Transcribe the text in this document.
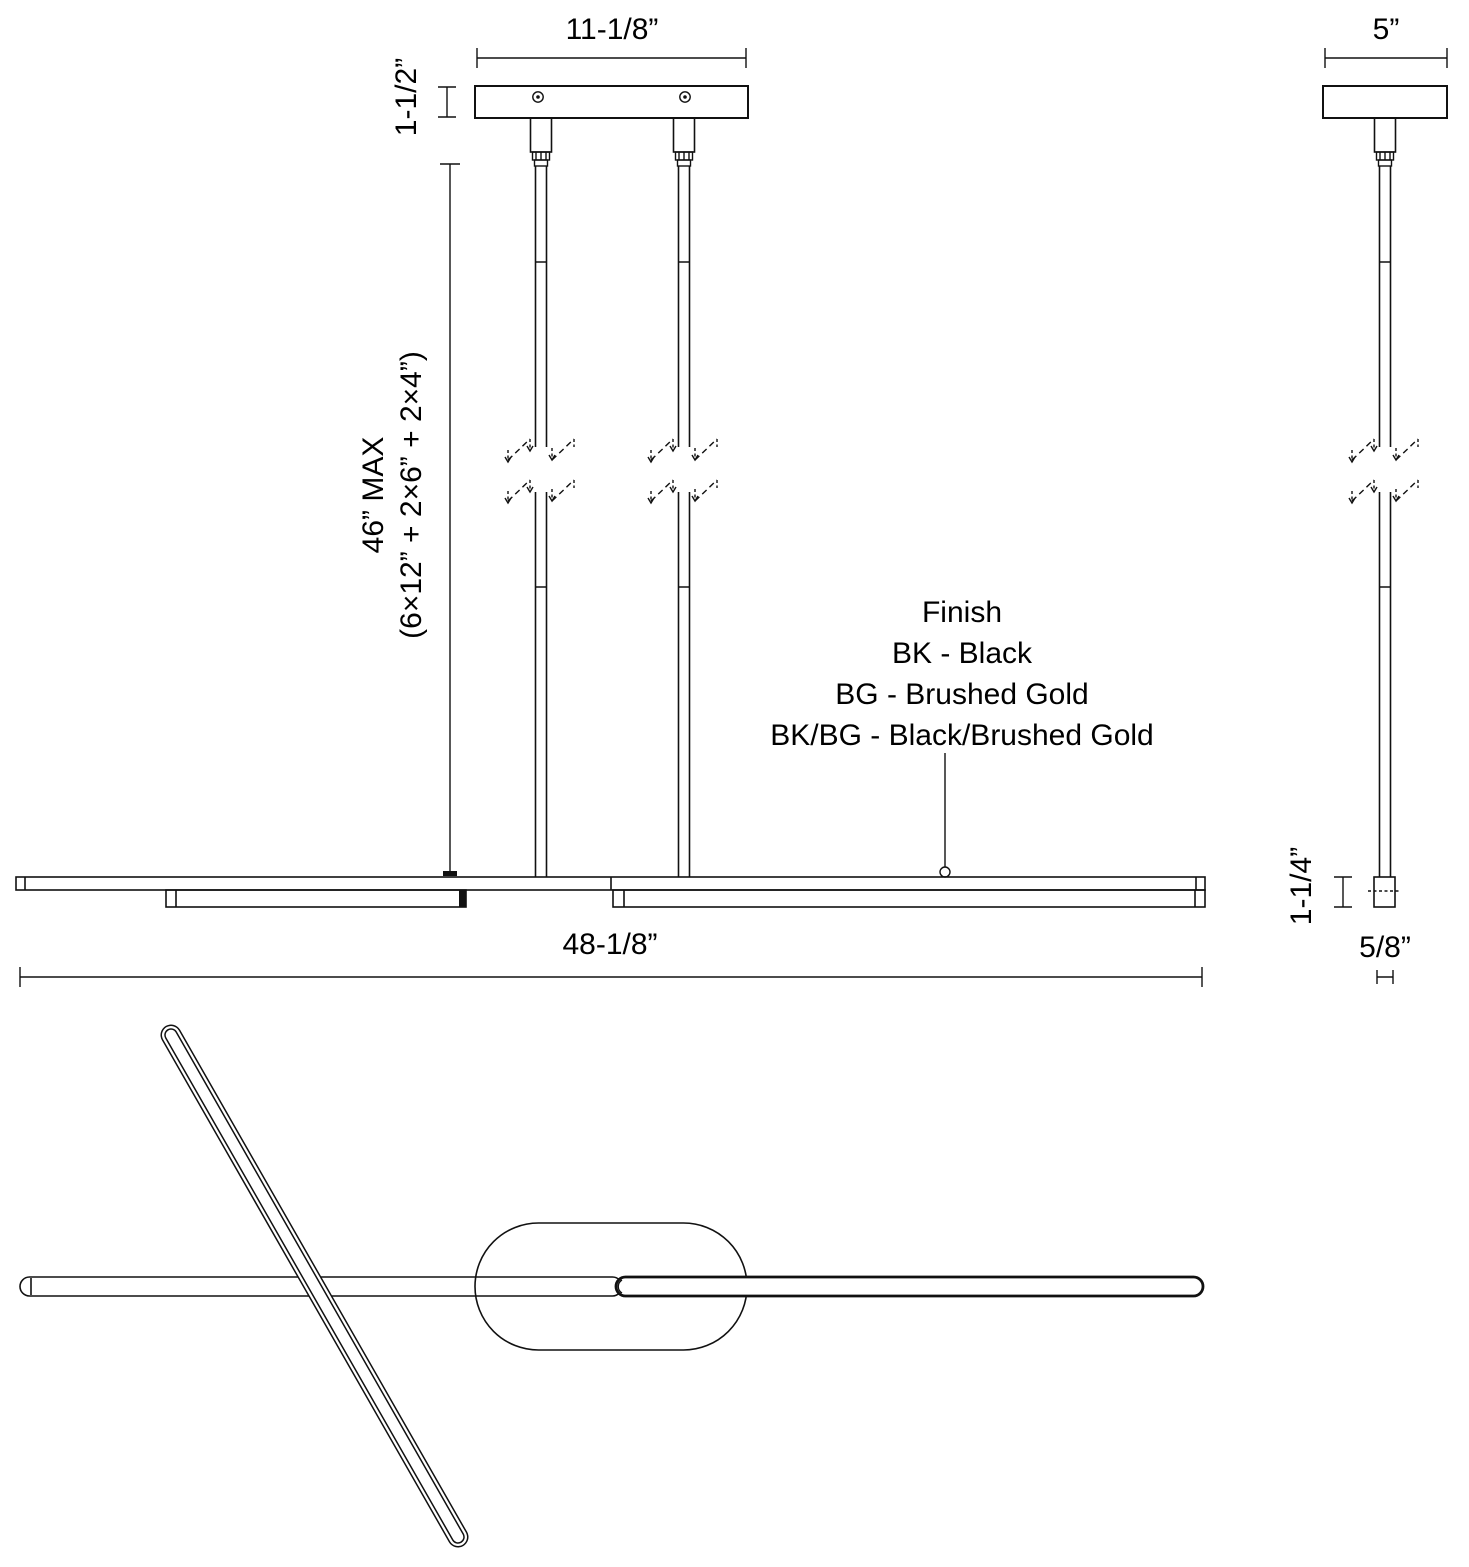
11-1/8”
1-1/2”
46” MAX (6×12” + 2×6” + 2×4”)
48-1/8”
Finish
BK - Black
BG - Brushed Gold
BK/BG - Black/Brushed Gold
5”
1-1/4”
5/8”
